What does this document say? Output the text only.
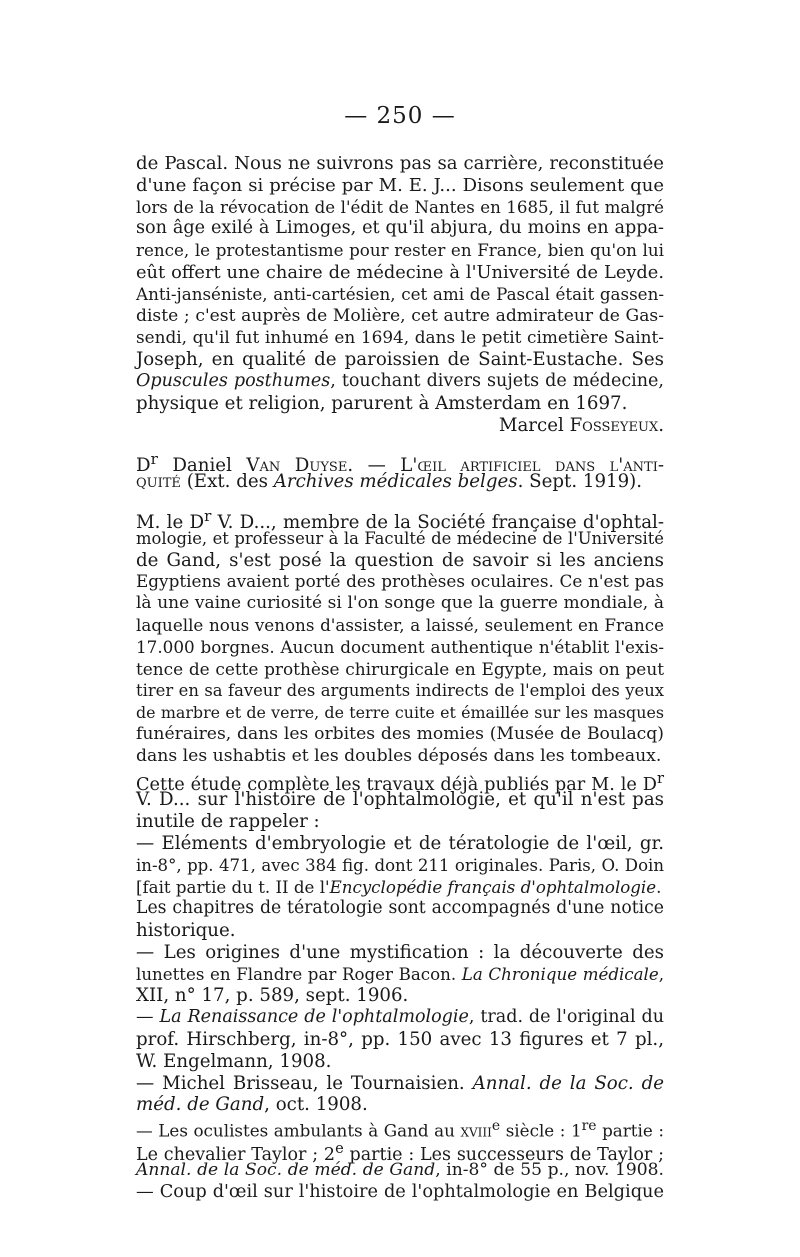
— 250 —
de Pascal. Nous ne suivrons pas sa carrière, reconstituée
d'une façon si précise par M. E. J... Disons seulement que
lors de la révocation de l'édit de Nantes en 1685, il fut malgré
son âge exilé à Limoges, et qu'il abjura, du moins en appa-
rence, le protestantisme pour rester en France, bien qu'on lui
eût offert une chaire de médecine à l'Université de Leyde.
Anti-janséniste, anti-cartésien, cet ami de Pascal était gassen-
diste ; c'est auprès de Molière, cet autre admirateur de Gas-
sendi, qu'il fut inhumé en 1694, dans le petit cimetière Saint-
Joseph, en qualité de paroissien de Saint-Eustache. Ses
Opuscules posthumes, touchant divers sujets de médecine,
physique et religion, parurent à Amsterdam en 1697.
Marcel Fosseyeux.
$D^r$ Daniel Van Duyse. — L'œil artificiel dans l'anti-
quité (Ext. des Archives médicales belges. Sept. 1919).
M. le $D^r$ V. D..., membre de la Société française d'ophtal-
mologie, et professeur à la Faculté de médecine de l'Université
de Gand, s'est posé la question de savoir si les anciens
Egyptiens avaient porté des prothèses oculaires. Ce n'est pas
là une vaine curiosité si l'on songe que la guerre mondiale, à
laquelle nous venons d'assister, a laissé, seulement en France
17.000 borgnes. Aucun document authentique n'établit l'exis-
tence de cette prothèse chirurgicale en Egypte, mais on peut
tirer en sa faveur des arguments indirects de l'emploi des yeux
de marbre et de verre, de terre cuite et émaillée sur les masques
funéraires, dans les orbites des momies (Musée de Boulacq)
dans les ushabtis et les doubles déposés dans les tombeaux.
Cette étude complète les travaux déjà publiés par M. le $D^r$
V. D... sur l'histoire de l'ophtalmologie, et qu'il n'est pas
inutile de rappeler :
— Eléments d'embryologie et de tératologie de l'œil, gr.
in-8°, pp. 471, avec 384 fig. dont 211 originales. Paris, O. Doin
[fait partie du t. II de l'Encyclopédie français d'ophtalmologie.
Les chapitres de tératologie sont accompagnés d'une notice
historique.
— Les origines d'une mystification : la découverte des
lunettes en Flandre par Roger Bacon. La Chronique médicale,
XII, n° 17, p. 589, sept. 1906.
— La Renaissance de l'ophtalmologie, trad. de l'original du
prof. Hirschberg, in-8°, pp. 150 avec 13 figures et 7 pl.,
W. Engelmann, 1908.
— Michel Brisseau, le Tournaisien. Annal. de la Soc. de
méd. de Gand, oct. 1908.
— Les oculistes ambulants à Gand au xviii$^e$ siècle : 1re partie :
Le chevalier Taylor ; 2e partie : Les successeurs de Taylor ;
Annal. de la Soc. de méd. de Gand, in-8° de 55 p., nov. 1908.
— Coup d'œil sur l'histoire de l'ophtalmologie en Belgique
